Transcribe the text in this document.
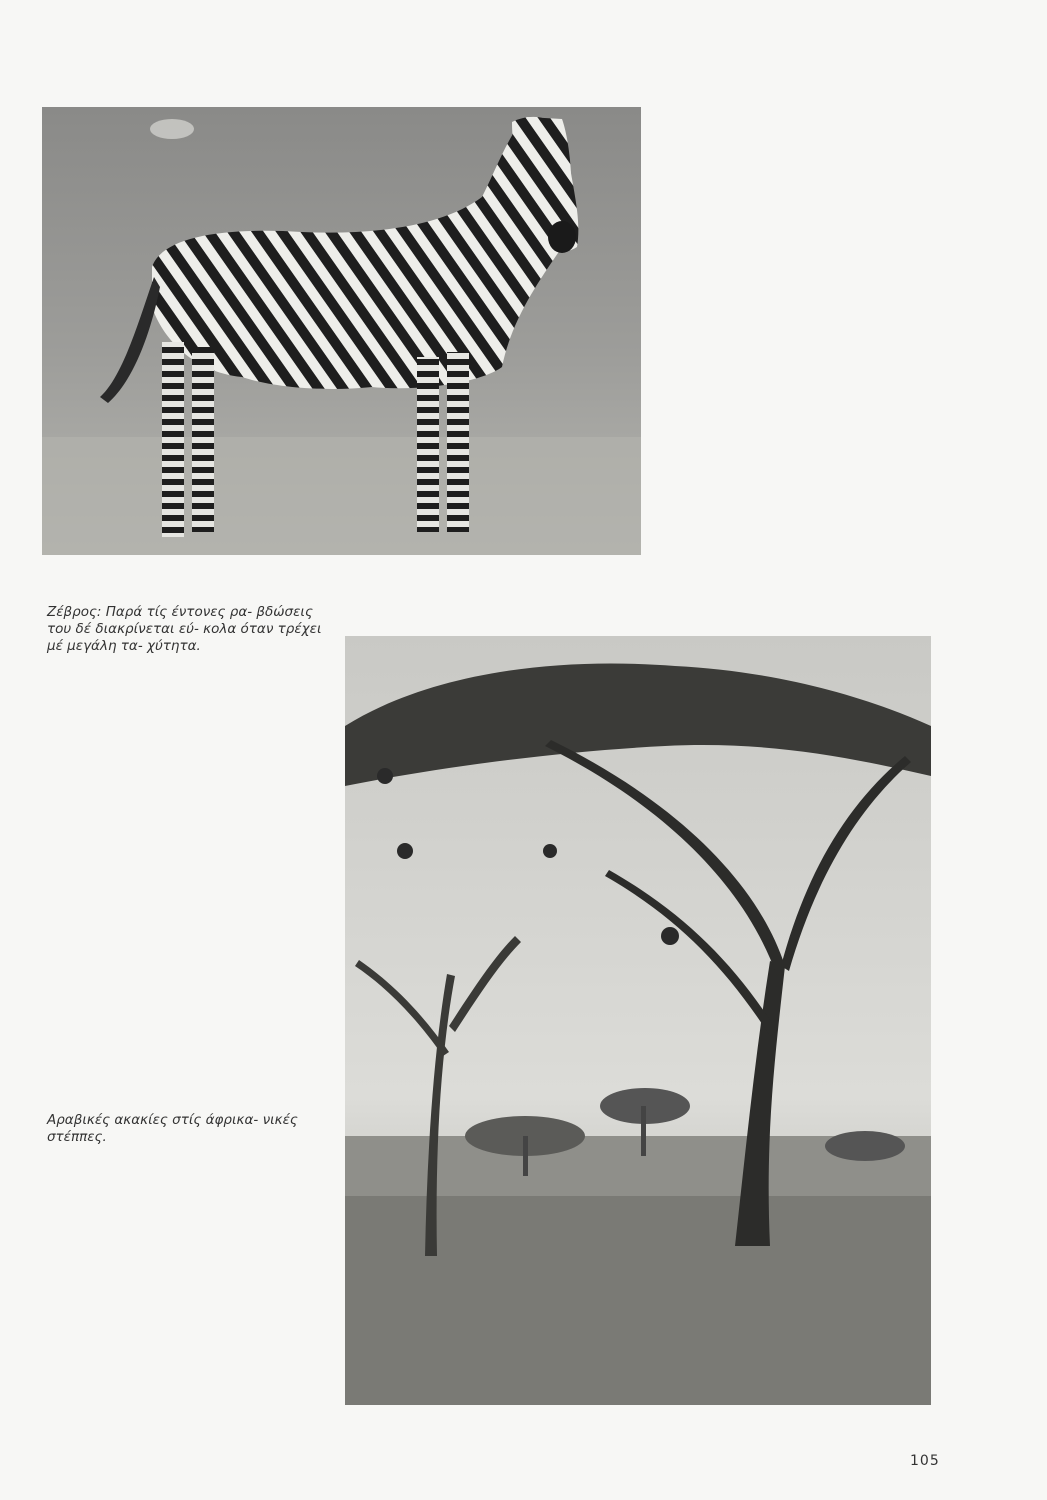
Ζέβρος: Παρά τίς έντονες ρα- βδώσεις του δέ διακρίνεται εύ- κολα όταν τρέχει μέ μεγάλη τα- χύτητα.

Αραβικές ακακίες στίς άφρικα- νικές στέππες.

105
